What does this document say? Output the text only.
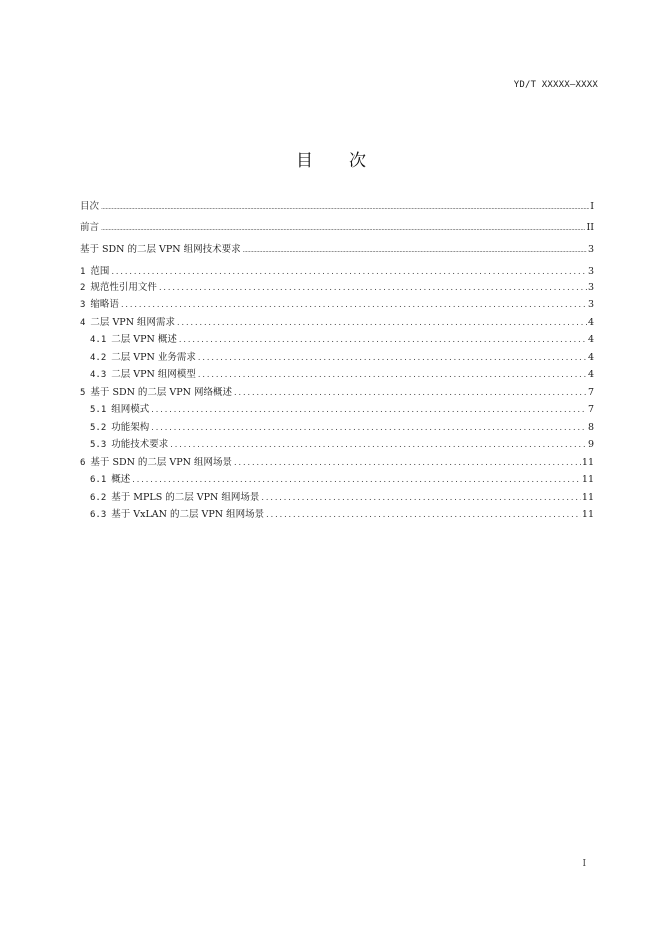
YD/T XXXXX—XXXX
目次
目次 .....	I
前言 .....	II
基于 SDN 的二层 VPN 组网技术要求 .....	3
1 范围 . . .	3
2 规范性引用文件 . . .	3
3 缩略语 . . .	3
4 二层 VPN 组网需求 . . .	4
4.1 二层 VPN 概述 . . .	4
4.2 二层 VPN 业务需求 . . .	4
4.3 二层 VPN 组网模型 . . .	4
5 基于 SDN 的二层 VPN 网络概述 . . .	7
5.1 组网模式 . . .	7
5.2 功能架构 . . .	8
5.3 功能技术要求 . . .	9
6 基于 SDN 的二层 VPN 组网场景 . . .	11
6.1 概述 . . .	11
6.2 基于 MPLS 的二层 VPN 组网场景 . . .	11
6.3 基于 VxLAN 的二层 VPN 组网场景 . . .	11
I
